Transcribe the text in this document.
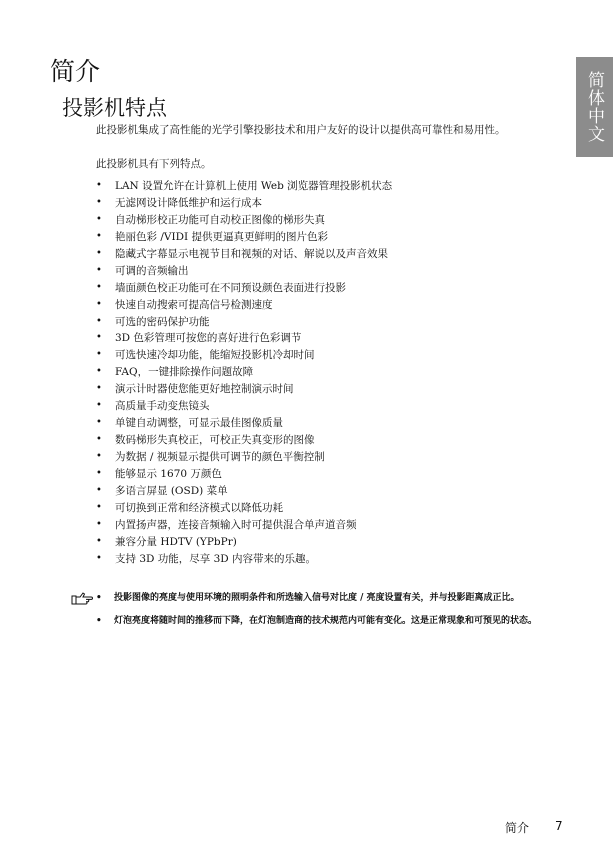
简体中文
简介
投影机特点

此投影机集成了高性能的光学引擎投影技术和用户友好的设计以提供高可靠性和易用性。

此投影机具有下列特点。

• LAN 设置允许在计算机上使用 Web 浏览器管理投影机状态
• 无滤网设计降低维护和运行成本
• 自动梯形校正功能可自动校正图像的梯形失真
• 艳丽色彩 /VIDI 提供更逼真更鲜明的图片色彩
• 隐藏式字幕显示电视节目和视频的对话、解说以及声音效果
• 可调的音频输出
• 墙面颜色校正功能可在不同预设颜色表面进行投影
• 快速自动搜索可提高信号检测速度
• 可选的密码保护功能
• 3D 色彩管理可按您的喜好进行色彩调节
• 可选快速冷却功能，能缩短投影机冷却时间
• FAQ，一键排除操作问题故障
• 演示计时器使您能更好地控制演示时间
• 高质量手动变焦镜头
• 单键自动调整，可显示最佳图像质量
• 数码梯形失真校正，可校正失真变形的图像
• 为数据 / 视频显示提供可调节的颜色平衡控制
• 能够显示 1670 万颜色
• 多语言屏显 (OSD) 菜单
• 可切换到正常和经济模式以降低功耗
• 内置扬声器，连接音频输入时可提供混合单声道音频
• 兼容分量 HDTV (YPbPr)
• 支持 3D 功能，尽享 3D 内容带来的乐趣。
• 投影图像的亮度与使用环境的照明条件和所选输入信号对比度 / 亮度设置有关，并与投影距离成正比。
• 灯泡亮度将随时间的推移而下降，在灯泡制造商的技术规范内可能有变化。这是正常现象和可预见的状态。
简介 7
